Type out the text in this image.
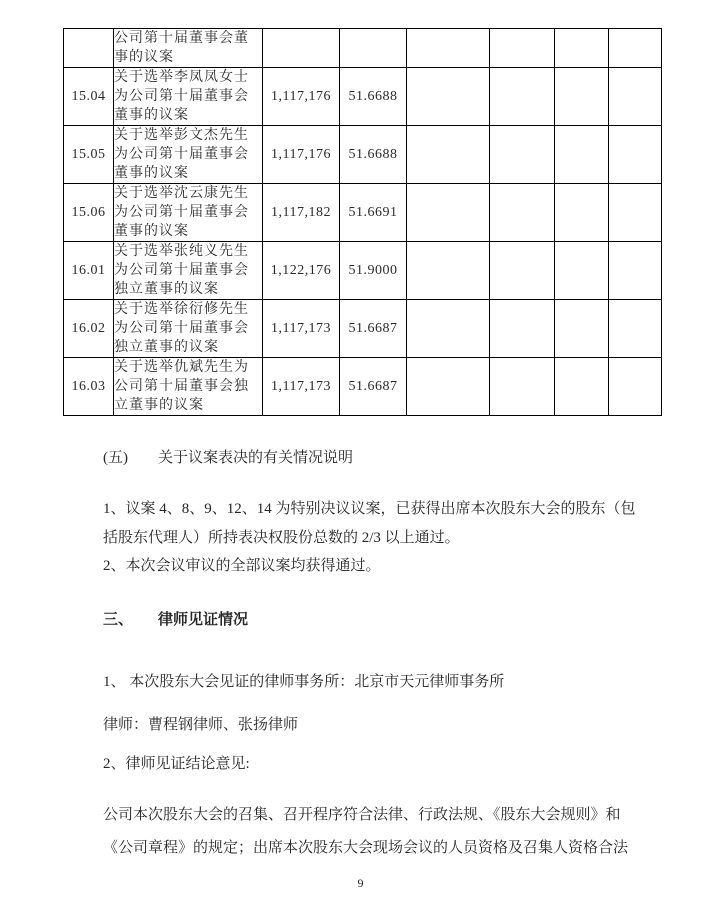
	公司第十届董事会董事的议案						
15.04	关于选举李凤凤女士为公司第十届董事会董事的议案	1,117,176	51.6688				
15.05	关于选举彭文杰先生为公司第十届董事会董事的议案	1,117,176	51.6688				
15.06	关于选举沈云康先生为公司第十届董事会董事的议案	1,117,182	51.6691				
16.01	关于选举张纯义先生为公司第十届董事会独立董事的议案	1,122,176	51.9000				
16.02	关于选举徐衍修先生为公司第十届董事会独立董事的议案	1,117,173	51.6687				
16.03	关于选举仇斌先生为公司第十届董事会独立董事的议案	1,117,173	51.6687				
(五) 关于议案表决的有关情况说明
1、议案 4、8、9、12、14 为特别决议议案，已获得出席本次股东大会的股东（包
括股东代理人）所持表决权股份总数的 2/3 以上通过。
2、本次会议审议的全部议案均获得通过。
三、 律师见证情况
1、 本次股东大会见证的律师事务所：北京市天元律师事务所
律师：曹程钢律师、张扬律师
2、律师见证结论意见:
公司本次股东大会的召集、召开程序符合法律、行政法规、《股东大会规则》和
《公司章程》的规定；出席本次股东大会现场会议的人员资格及召集人资格合法
9
